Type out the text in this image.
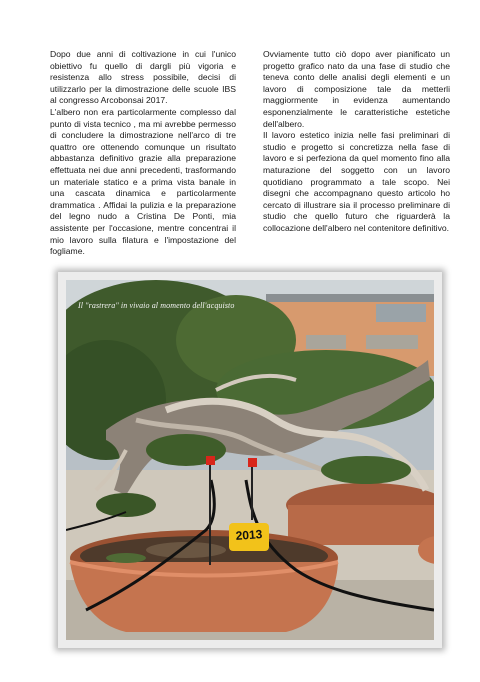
Dopo due anni di coltivazione in cui l'unico obiettivo fu quello di dargli più vigoria e resistenza allo stress possibile, decisi di utilizzarlo per la dimostrazione delle scuole IBS al congresso Arcobonsai 2017.

L'albero non era particolarmente complesso dal punto di vista tecnico , ma mi avrebbe permesso di concludere la dimostrazione nell'arco di tre quattro ore ottenendo comunque un risultato abbastanza definitivo grazie alla preparazione effettuata nei due anni precedenti, trasformando un materiale statico e a prima vista banale in una cascata dinamica e particolarmente drammatica . Affidai la pulizia e la preparazione del legno nudo a Cristina De Ponti, mia assistente per l'occasione, mentre concentrai il mio lavoro sulla filatura e l'impostazione del fogliame.

Ovviamente tutto ciò dopo aver pianificato un progetto grafico nato da una fase di studio che teneva conto delle analisi degli elementi e un lavoro di composizione tale da metterli maggiormente in evidenza aumentando esponenzialmente le caratteristiche estetiche dell'albero.

Il lavoro estetico inizia nelle fasi preliminari di studio e progetto si concretizza nella fase di lavoro e si perfeziona da quel momento fino alla maturazione del soggetto con un lavoro quotidiano programmato a tale scopo. Nei disegni che accompagnano questo articolo ho cercato di illustrare sia il processo preliminare di studio che quello futuro che riguarderà la collocazione dell'albero nel contenitore definitivo.

Il "rastrera" in vivaio al momento dell'acquisto
2013
